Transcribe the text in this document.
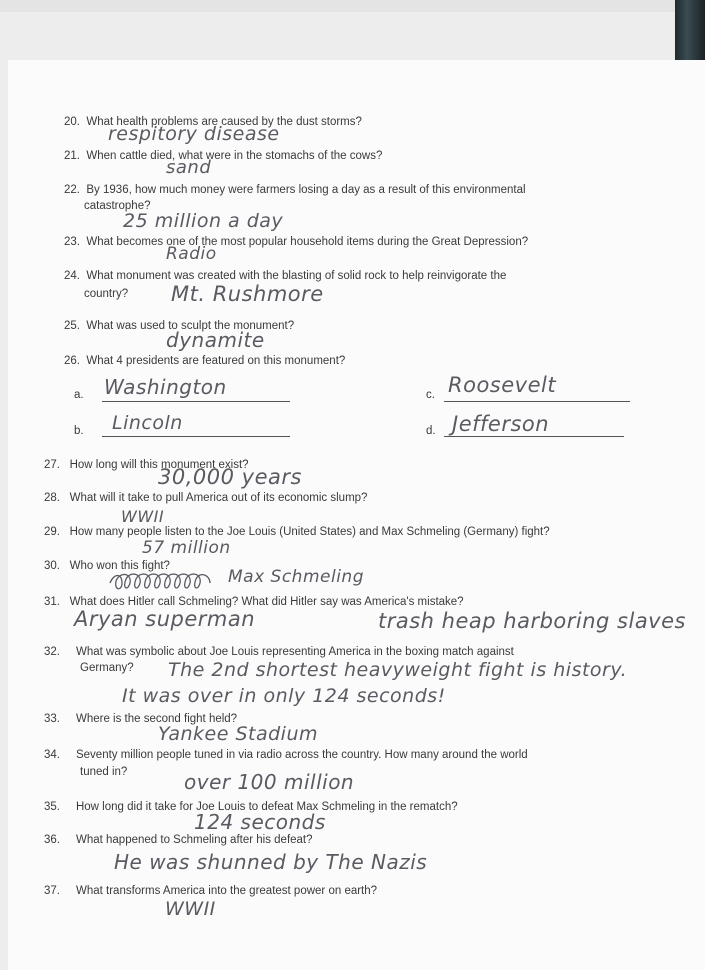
20. What health problems are caused by the dust storms?
respitory disease
21. When cattle died, what were in the stomachs of the cows?
sand
22. By 1936, how much money were farmers losing a day as a result of this environmental
catastrophe?
25 million a day
23. What becomes one of the most popular household items during the Great Depression?
Radio
24. What monument was created with the blasting of solid rock to help reinvigorate the
country? Mt. Rushmore
25. What was used to sculpt the monument?
dynamite
26. What 4 presidents are featured on this monument?
a. Washington	c. Roosevelt
b. Lincoln	d. Jefferson
27. How long will this monument exist?
30,000 years
28. What will it take to pull America out of its economic slump?
WWII
29. How many people listen to the Joe Louis (United States) and Max Schmeling (Germany) fight?
57 million
30. Who won this fight?
Max Schmeling
31. What does Hitler call Schmeling? What did Hitler say was America's mistake?
Aryan superman	trash heap harboring slaves
32. What was symbolic about Joe Louis representing America in the boxing match against
Germany? The 2nd shortest heavyweight fight is history.
It was over in only 124 seconds!
33. Where is the second fight held?
Yankee Stadium
34. Seventy million people tuned in via radio across the country. How many around the world
tuned in?	over 100 million
35. How long did it take for Joe Louis to defeat Max Schmeling in the rematch?
124 seconds
36. What happened to Schmeling after his defeat?
He was shunned by The Nazis
37. What transforms America into the greatest power on earth?
WWII
